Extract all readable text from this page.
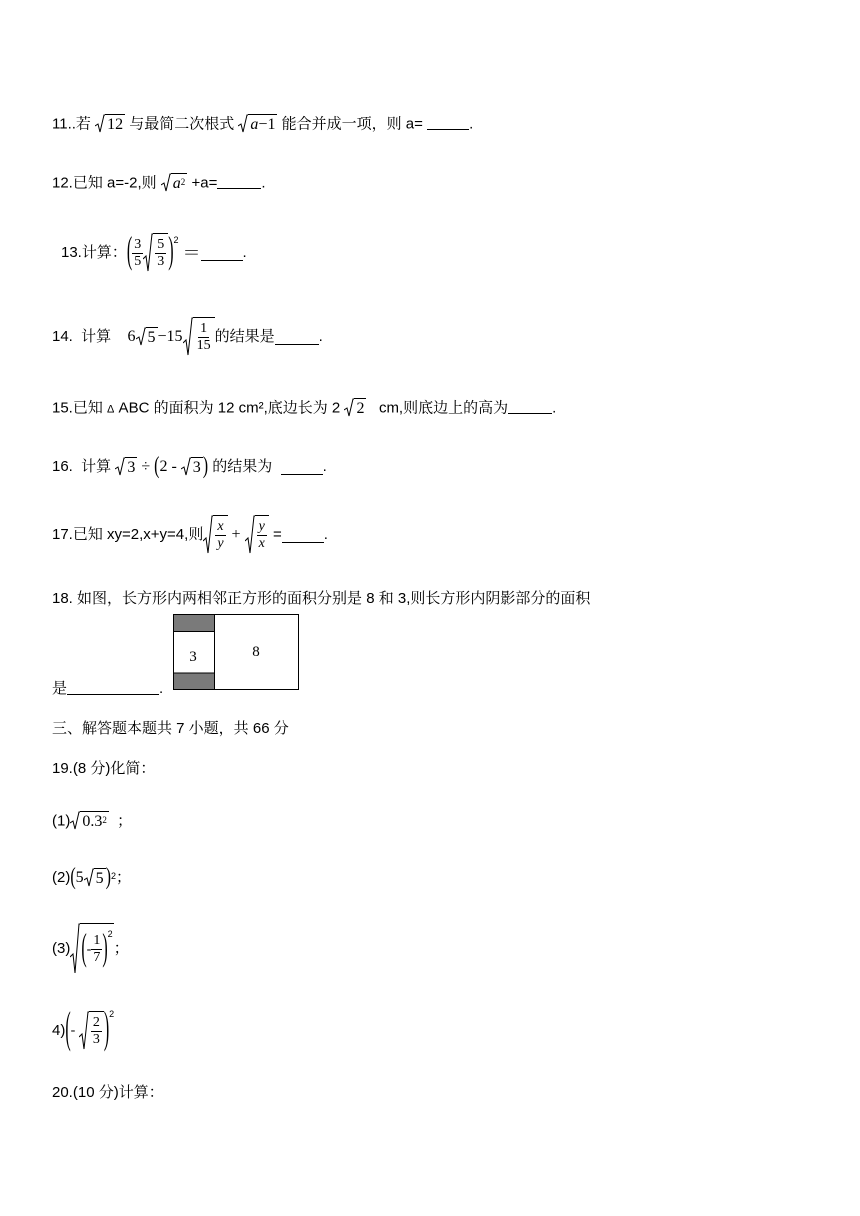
11..若 12 与最简二次根式 a −1 能合并成一项，则 a=	.
12.已知 a=-2,则 $a^2 +a=$	.
13.计算： ( $\frac{3}{5} \frac{5}{3}$ ) 2
＝	.
14.  计算 6 $5 -15 \frac{1}{15}$ 的结果是	.
15.已知 Δ ABC 的面积为 12 cm²,底边长为 2 2 cm,则底边上的高为	.
16.  计算 3 ÷ ( 2 - 3 ) 的结果为	.
17.已知 xy=2,x+y=4,则 $\frac{x}{y} + \frac{y}{x}$ =	.
18. 如图，长方形内两相邻正方形的面积分别是 8 和 3,则长方形内阴影部分的面积
是	.
3	8
三、解答题本题共 7 小题，共 66 分
19.(8 分)化简：
(1) $0.3^2$ ；
(2) ( 5 5 ) 2 ；
(3) ( - $\frac{1}{7}$ ) 2
；
4) ( - $\frac{2}{3}$ ) 2
20.(10 分)计算：
